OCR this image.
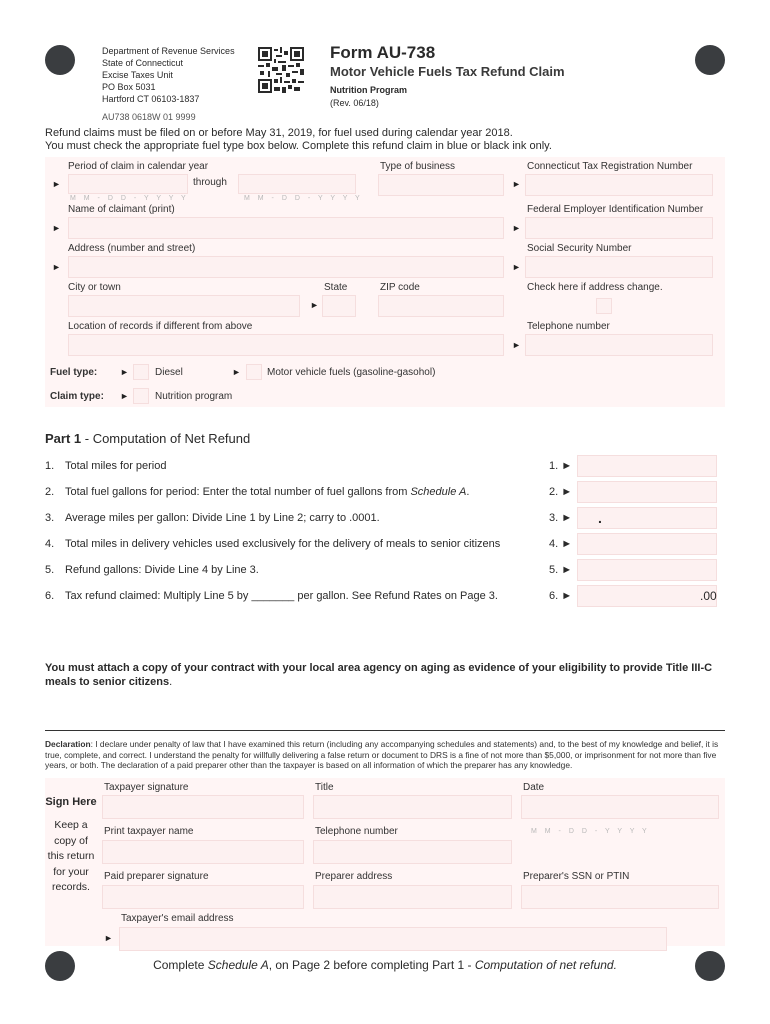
Department of Revenue Services
State of Connecticut
Excise Taxes Unit
PO Box 5031
Hartford CT 06103-1837
AU738 0618W 01 9999
Form AU-738
Motor Vehicle Fuels Tax Refund Claim
Nutrition Program
(Rev. 06/18)
Refund claims must be filed on or before May 31, 2019, for fuel used during calendar year 2018.
You must check the appropriate fuel type box below. Complete this refund claim in blue or black ink only.
Period of claim in calendar year
►	through
M M - D D - Y Y Y Y	M M - D D - Y Y Y Y
Type of business	Connecticut Tax Registration Number
►
Name of claimant (print)
►
Federal Employer Identification Number
►
Address (number and street)
►
Social Security Number
►
City or town	State
►
ZIP code	Check here if address change.
Location of records if different from above	Telephone number
►
Fuel type:	►	Diesel	►	Motor vehicle fuels (gasoline-gasohol)
Claim type: ►	Nutrition program
Part 1 - Computation of Net Refund
1. Total miles for period	1. ►
2. Total fuel gallons for period: Enter the total number of fuel gallons from Schedule A.	2. ►
3. Average miles per gallon: Divide Line 1 by Line 2; carry to .0001.	3. ► .
4. Total miles in delivery vehicles used exclusively for the delivery of meals to senior citizens	4. ►
5. Refund gallons: Divide Line 4 by Line 3.	5. ►
6. Tax refund claimed: Multiply Line 5 by _______ per gallon. See Refund Rates on Page 3.	6. ►	.00
You must attach a copy of your contract with your local area agency on aging as evidence of your eligibility to provide Title III-C meals to senior citizens.
Declaration: I declare under penalty of law that I have examined this return (including any accompanying schedules and statements) and, to the best of my knowledge and belief, it is true, complete, and correct. I understand the penalty for willfully delivering a false return or document to DRS is a fine of not more than $5,000, or imprisonment for not more than five years, or both. The declaration of a paid preparer other than the taxpayer is based on all information of which the preparer has any knowledge.
Sign Here
Keep a
copy of
this return
for your
records.
Taxpayer signature	Title	Date
M M - D D - Y Y Y Y
Print taxpayer name	Telephone number
Paid preparer signature	Preparer address	Preparer's SSN or PTIN
Taxpayer's email address
►
Complete Schedule A, on Page 2 before completing Part 1 - Computation of net refund.
